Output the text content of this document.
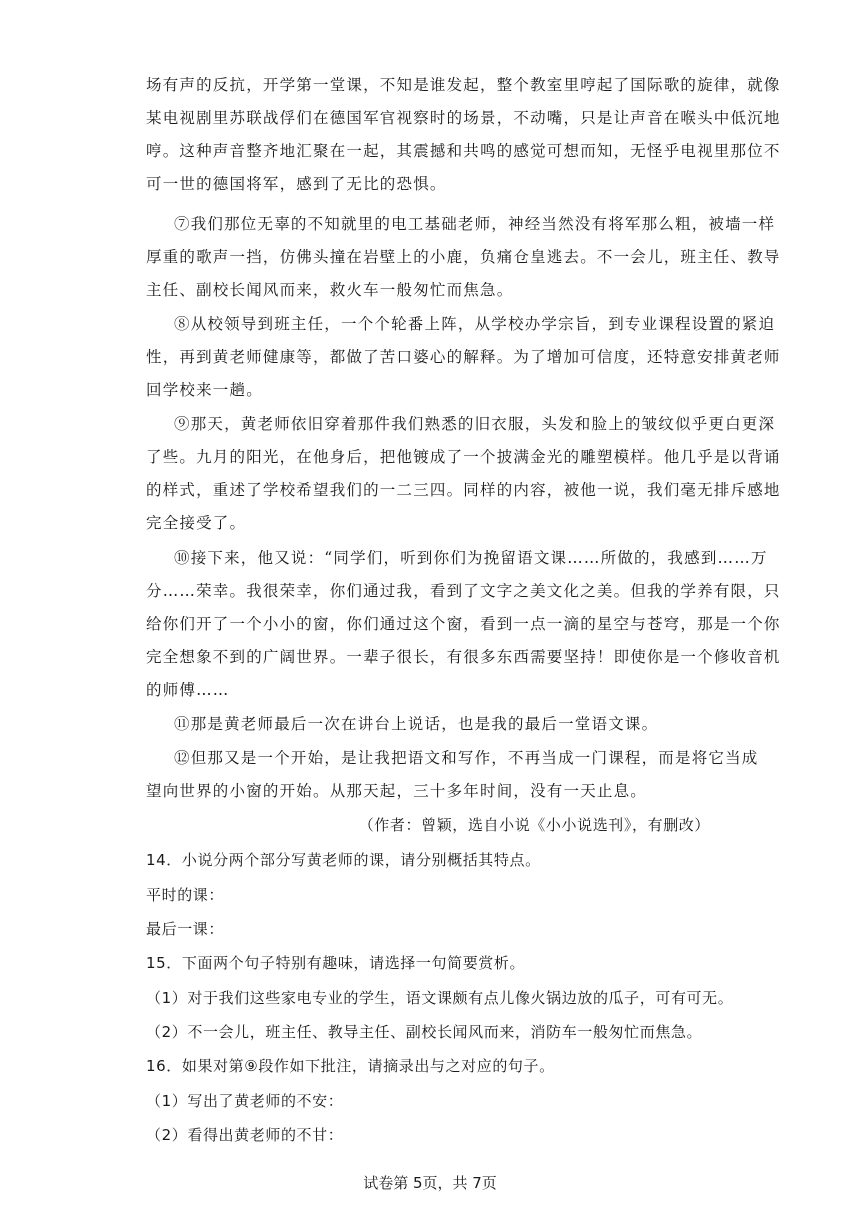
场有声的反抗，开学第一堂课，不知是谁发起，整个教室里哼起了国际歌的旋律，就像
某电视剧里苏联战俘们在德国军官视察时的场景，不动嘴，只是让声音在喉头中低沉地
哼。这种声音整齐地汇聚在一起，其震撼和共鸣的感觉可想而知，无怪乎电视里那位不
可一世的德国将军，感到了无比的恐惧。
⑦我们那位无辜的不知就里的电工基础老师，神经当然没有将军那么粗，被墙一样
厚重的歌声一挡，仿佛头撞在岩壁上的小鹿，负痛仓皇逃去。不一会儿，班主任、教导
主任、副校长闻风而来，救火车一般匆忙而焦急。
⑧从校领导到班主任，一个个轮番上阵，从学校办学宗旨，到专业课程设置的紧迫
性，再到黄老师健康等，都做了苦口婆心的解释。为了增加可信度，还特意安排黄老师
回学校来一趟。
⑨那天，黄老师依旧穿着那件我们熟悉的旧衣服，头发和脸上的皱纹似乎更白更深
了些。九月的阳光，在他身后，把他镀成了一个披满金光的雕塑模样。他几乎是以背诵
的样式，重述了学校希望我们的一二三四。同样的内容，被他一说，我们毫无排斥感地
完全接受了。
⑩接下来，他又说：“同学们，听到你们为挽留语文课……所做的，我感到……万
分……荣幸。我很荣幸，你们通过我，看到了文字之美文化之美。但我的学养有限，只
给你们开了一个小小的窗，你们通过这个窗，看到一点一滴的星空与苍穹，那是一个你
完全想象不到的广阔世界。一辈子很长，有很多东西需要坚持！即使你是一个修收音机
的师傅……
⑪那是黄老师最后一次在讲台上说话，也是我的最后一堂语文课。
⑫但那又是一个开始，是让我把语文和写作，不再当成一门课程，而是将它当成
望向世界的小窗的开始。从那天起，三十多年时间，没有一天止息。
（作者：曾颖，选自小说《小小说选刊》，有删改）
14．小说分两个部分写黄老师的课，请分别概括其特点。
平时的课：
最后一课：
15．下面两个句子特别有趣味，请选择一句简要赏析。
（1）对于我们这些家电专业的学生，语文课颇有点儿像火锅边放的瓜子，可有可无。
（2）不一会儿，班主任、教导主任、副校长闻风而来，消防车一般匆忙而焦急。
16．如果对第⑨段作如下批注，请摘录出与之对应的句子。
（1）写出了黄老师的不安：
（2）看得出黄老师的不甘：
试卷第 5页，共 7页
